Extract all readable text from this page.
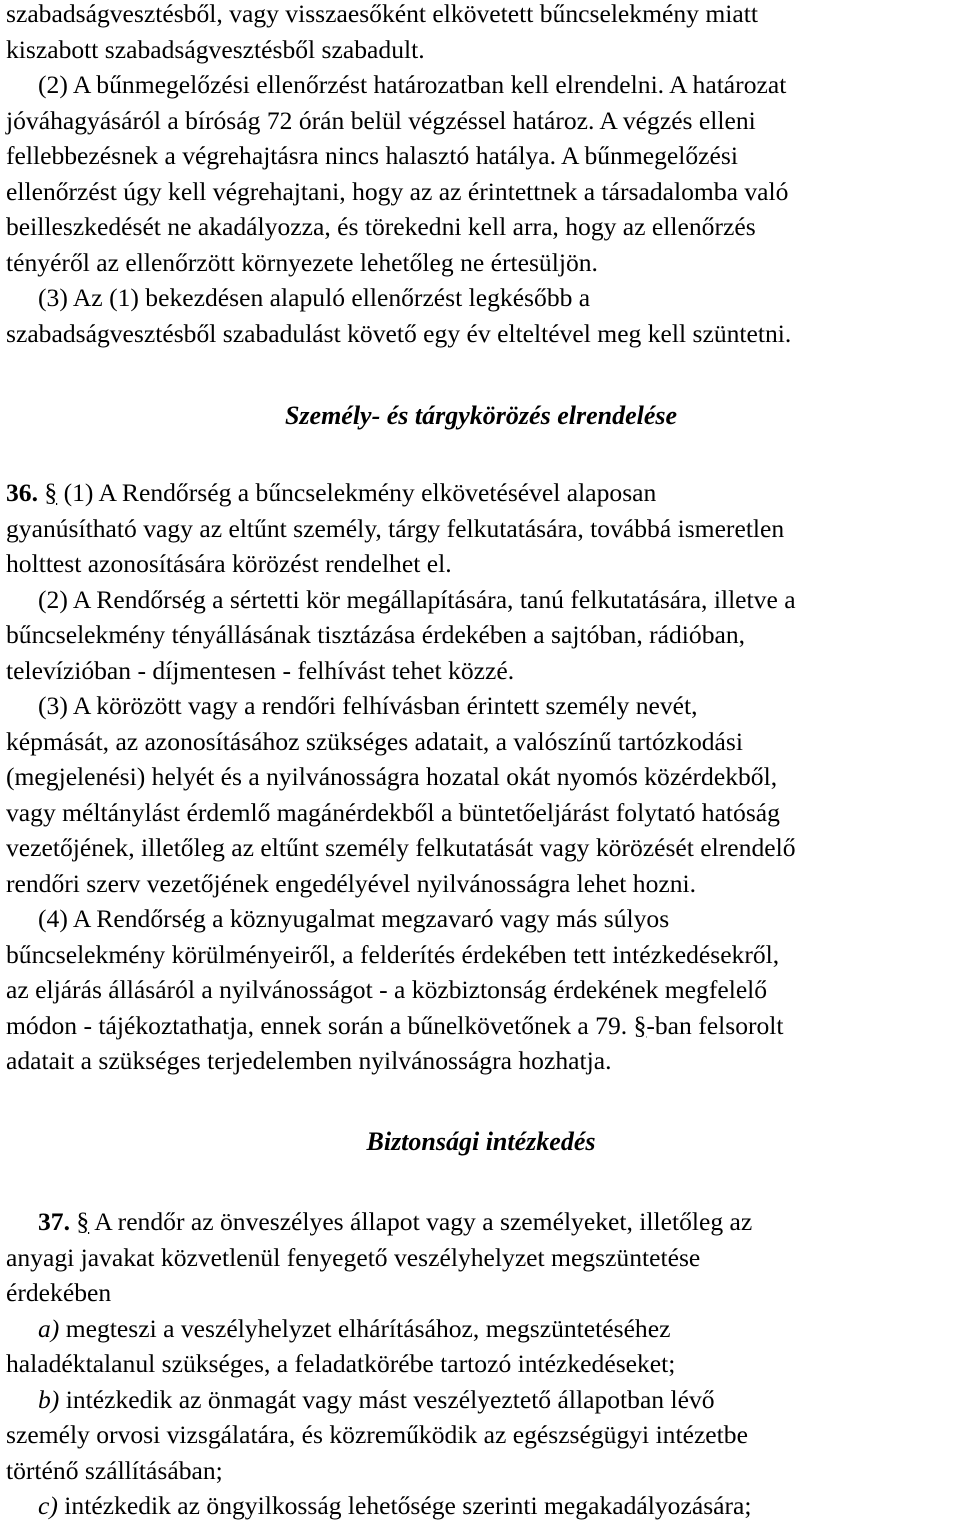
szabadságvesztésből, vagy visszaesőként elkövetett bűncselekmény miatt
kiszabott szabadságvesztésből szabadult.
(2) A bűnmegelőzési ellenőrzést határozatban kell elrendelni. A határozat
jóváhagyásáról a bíróság 72 órán belül végzéssel határoz. A végzés elleni
fellebbezésnek a végrehajtásra nincs halasztó hatálya. A bűnmegelőzési
ellenőrzést úgy kell végrehajtani, hogy az az érintettnek a társadalomba való
beilleszkedését ne akadályozza, és törekedni kell arra, hogy az ellenőrzés
tényéről az ellenőrzött környezete lehetőleg ne értesüljön.
(3) Az (1) bekezdésen alapuló ellenőrzést legkésőbb a
szabadságvesztésből szabadulást követő egy év elteltével meg kell szüntetni.

Személy- és tárgykörözés elrendelése

36. § (1) A Rendőrség a bűncselekmény elkövetésével alaposan
gyanúsítható vagy az eltűnt személy, tárgy felkutatására, továbbá ismeretlen
holttest azonosítására körözést rendelhet el.
(2) A Rendőrség a sértetti kör megállapítására, tanú felkutatására, illetve a
bűncselekmény tényállásának tisztázása érdekében a sajtóban, rádióban,
televízióban - díjmentesen - felhívást tehet közzé.
(3) A körözött vagy a rendőri felhívásban érintett személy nevét,
képmását, az azonosításához szükséges adatait, a valószínű tartózkodási
(megjelenési) helyét és a nyilvánosságra hozatal okát nyomós közérdekből,
vagy méltánylást érdemlő magánérdekből a büntetőeljárást folytató hatóság
vezetőjének, illetőleg az eltűnt személy felkutatását vagy körözését elrendelő
rendőri szerv vezetőjének engedélyével nyilvánosságra lehet hozni.
(4) A Rendőrség a köznyugalmat megzavaró vagy más súlyos
bűncselekmény körülményeiről, a felderítés érdekében tett intézkedésekről,
az eljárás állásáról a nyilvánosságot - a közbiztonság érdekének megfelelő
módon - tájékoztathatja, ennek során a bűnelkövetőnek a 79. §-ban felsorolt
adatait a szükséges terjedelemben nyilvánosságra hozhatja.

Biztonsági intézkedés

37. § A rendőr az önveszélyes állapot vagy a személyeket, illetőleg az
anyagi javakat közvetlenül fenyegető veszélyhelyzet megszüntetése
érdekében
a) megteszi a veszélyhelyzet elhárításához, megszüntetéséhez
haladéktalanul szükséges, a feladatkörébe tartozó intézkedéseket;
b) intézkedik az önmagát vagy mást veszélyeztető állapotban lévő
személy orvosi vizsgálatára, és közreműködik az egészségügyi intézetbe
történő szállításában;
c) intézkedik az öngyilkosság lehetősége szerinti megakadályozására;
